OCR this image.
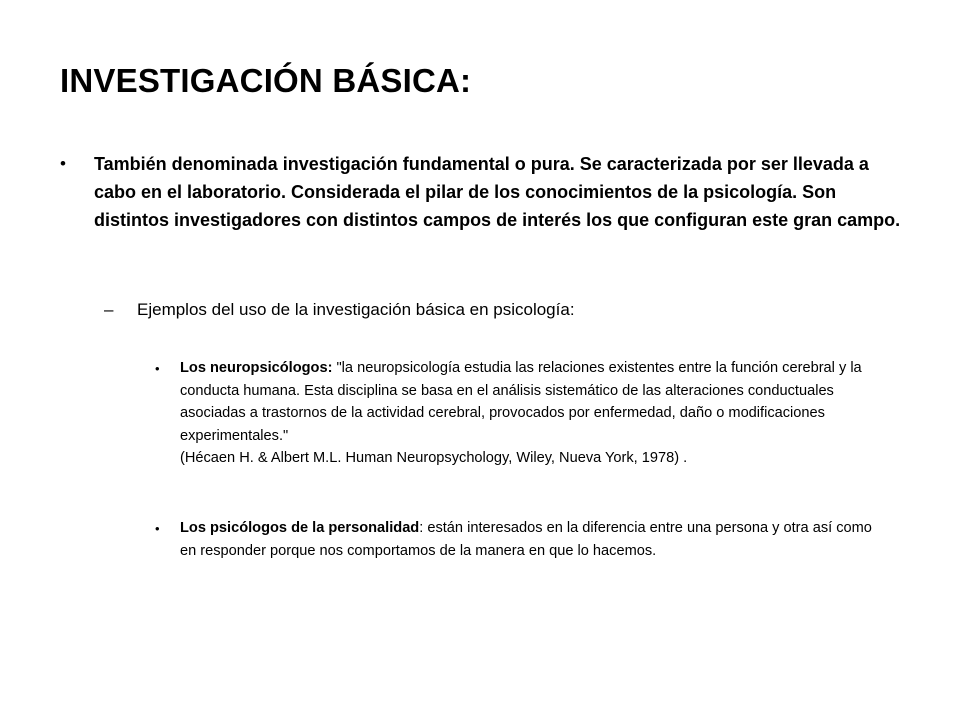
INVESTIGACIÓN BÁSICA:
• También denominada investigación fundamental o pura. Se caracterizada por ser llevada a cabo en el laboratorio. Considerada el pilar de los conocimientos de la psicología. Son distintos investigadores con distintos campos de interés los que configuran este gran campo.

– Ejemplos del uso de la investigación básica en psicología:

• Los neuropsicólogos: "la neuropsicología estudia las relaciones existentes entre la función cerebral y la conducta humana. Esta disciplina se basa en el análisis sistemático de las alteraciones conductuales asociadas a trastornos de la actividad cerebral, provocados por enfermedad, daño o modificaciones experimentales."
(Hécaen H. & Albert M.L. Human Neuropsychology, Wiley, Nueva York, 1978) .

• Los psicólogos de la personalidad: están interesados en la diferencia entre una persona y otra así como en responder porque nos comportamos de la manera en que lo hacemos.
